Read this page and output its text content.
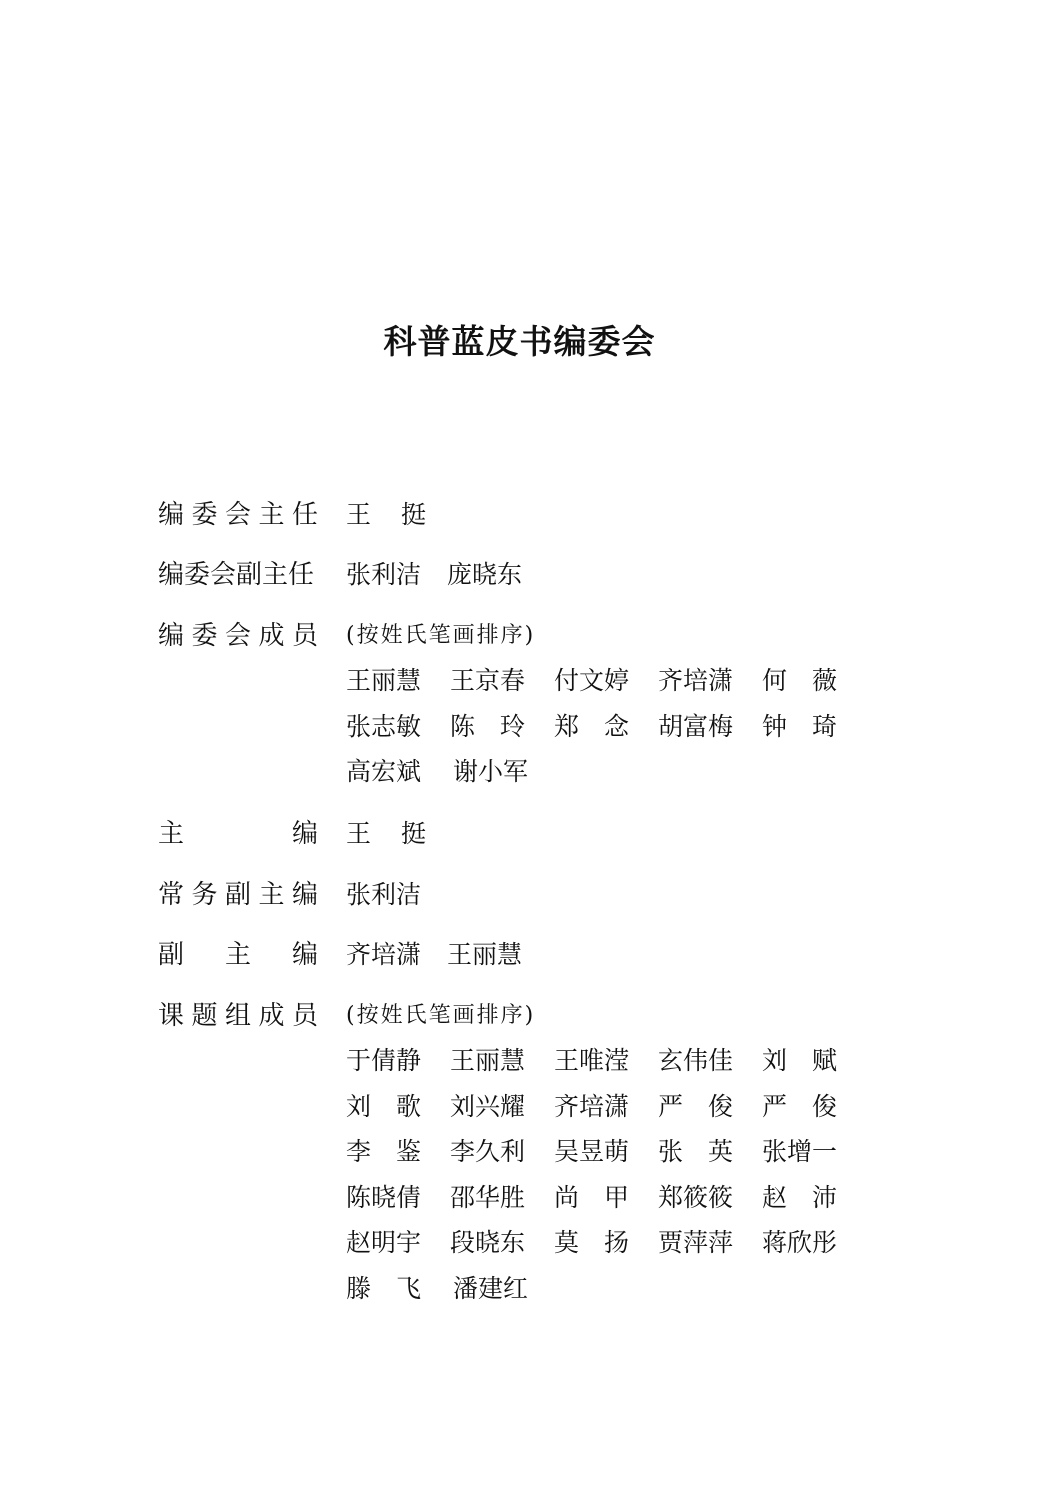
科普蓝皮书编委会
编 委 会 主 任 王 挺
编委会副主任 张利洁 庞晓东
编 委 会 成 员 (按姓氏笔画排序)
王丽慧	王京春	付文婷	齐培潇	何　薇
张志敏	陈　玲	郑　念	胡富梅	钟　琦
高宏斌	谢小军
主	编 王 挺
常 务 副 主 编 张利洁
副 主 编 齐培潇 王丽慧
课 题 组 成 员 (按姓氏笔画排序)
于倩静	王丽慧	王唯滢	玄伟佳	刘　赋
刘　歌	刘兴耀	齐培潇	严　俊	严　俊
李　鉴	李久利	吴昱萌	张　英	张增一
陈晓倩	邵华胜	尚　甲	郑筱筱	赵　沛
赵明宇	段晓东	莫　扬	贾萍萍	蒋欣彤
滕　飞	潘建红
